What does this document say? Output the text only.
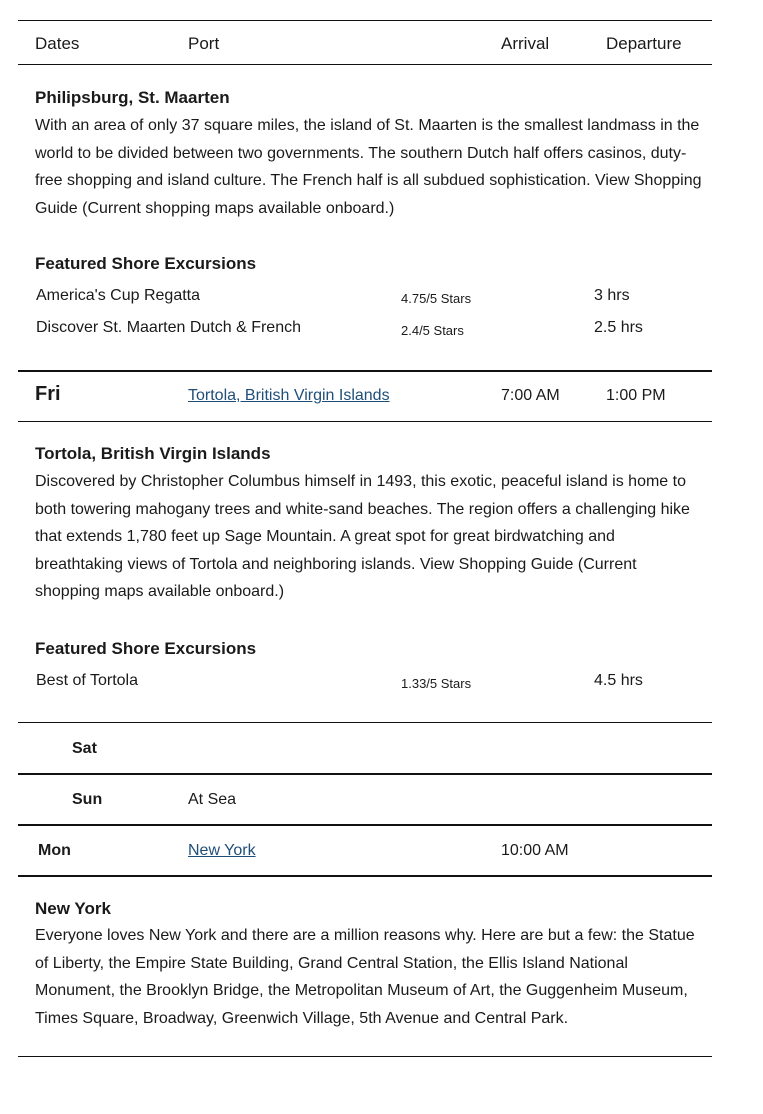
Dates	Port	Arrival	Departure
Philipsburg, St. Maarten
With an area of only 37 square miles, the island of St. Maarten is the smallest landmass in the world to be divided between two governments. The southern Dutch half offers casinos, duty-free shopping and island culture. The French half is all subdued sophistication. View Shopping Guide (Current shopping maps available onboard.)
Featured Shore Excursions
America's Cup Regatta	4.75/5 Stars	3 hrs
Discover St. Maarten Dutch & French	2.4/5 Stars	2.5 hrs
Fri	Tortola, British Virgin Islands	7:00 AM	1:00 PM
Tortola, British Virgin Islands
Discovered by Christopher Columbus himself in 1493, this exotic, peaceful island is home to both towering mahogany trees and white-sand beaches. The region offers a challenging hike that extends 1,780 feet up Sage Mountain. A great spot for great birdwatching and breathtaking views of Tortola and neighboring islands. View Shopping Guide (Current shopping maps available onboard.)
Featured Shore Excursions
Best of Tortola	1.33/5 Stars	4.5 hrs
Sat
Sun	At Sea
Mon	New York	10:00 AM
New York
Everyone loves New York and there are a million reasons why. Here are but a few: the Statue of Liberty, the Empire State Building, Grand Central Station, the Ellis Island National Monument, the Brooklyn Bridge, the Metropolitan Museum of Art, the Guggenheim Museum, Times Square, Broadway, Greenwich Village, 5th Avenue and Central Park.
